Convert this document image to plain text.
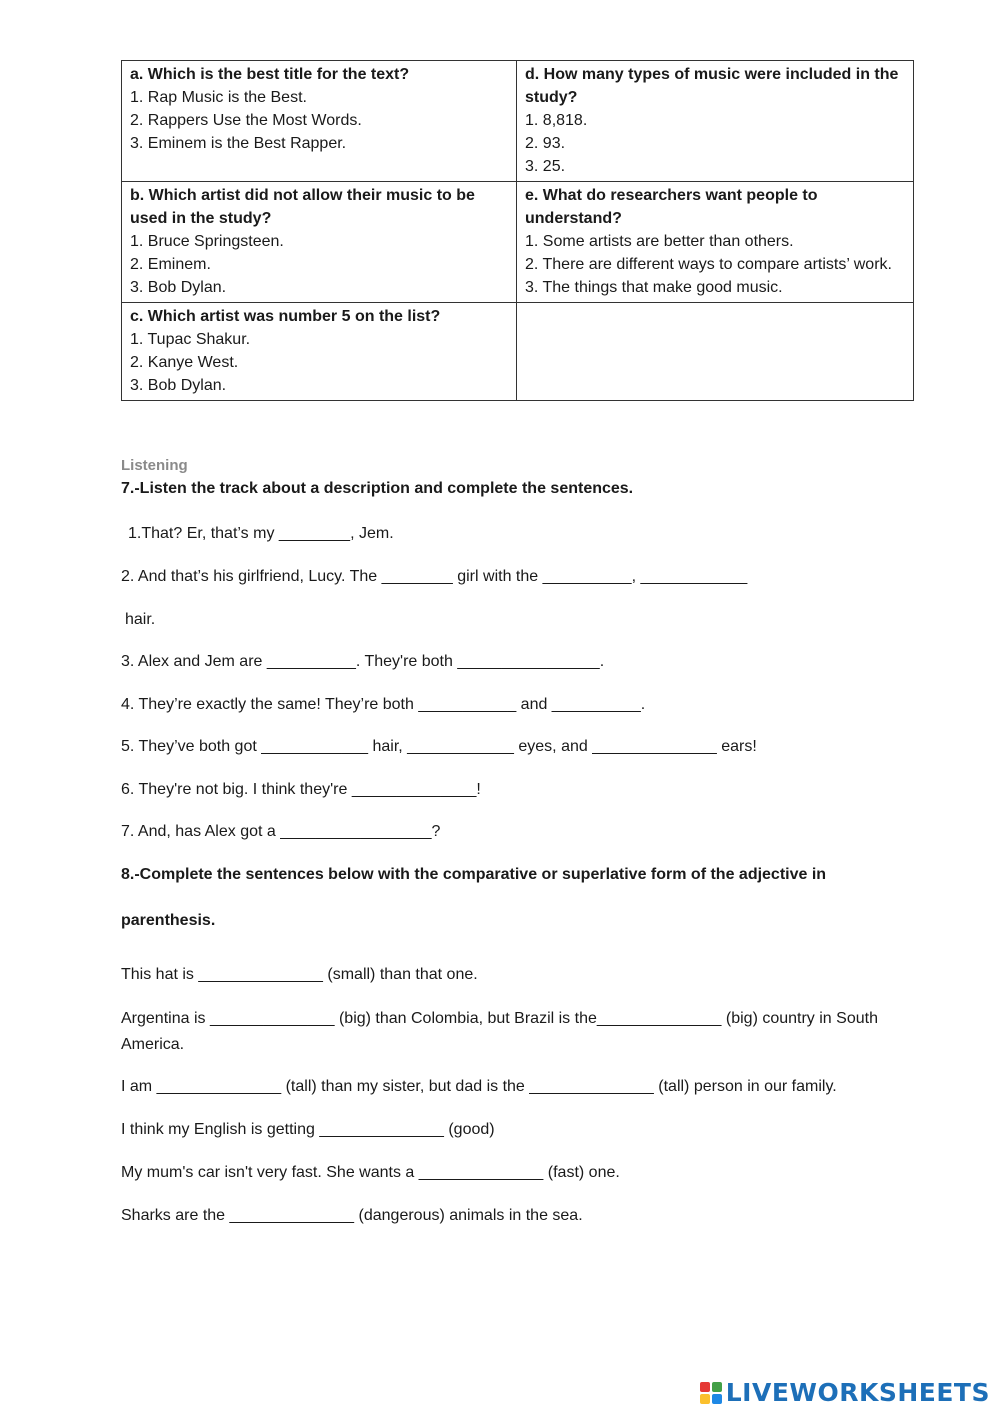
a. Which is the best title for the text?
1. Rap Music is the Best.
2. Rappers Use the Most Words.
3. Eminem is the Best Rapper.	d. How many types of music were included in the study?
1. 8,818.
2. 93.
3. 25.

b. Which artist did not allow their music to be used in the study?
1. Bruce Springsteen.
2. Eminem.
3. Bob Dylan.	e. What do researchers want people to understand?
1. Some artists are better than others.
2. There are different ways to compare artists’ work.
3. The things that make good music.

c. Which artist was number 5 on the list?
1. Tupac Shakur.
2. Kanye West.
3. Bob Dylan.	

Listening
7.-Listen the track about a description and complete the sentences.
1.That? Er, that’s my ________, Jem.
2. And that’s his girlfriend, Lucy. The ________ girl with the __________, ____________
hair.
3. Alex and Jem are __________. They're both ________________.
4. They’re exactly the same! They’re both ___________ and __________.
5. They’ve both got ____________ hair, ____________ eyes, and ______________ ears!
6. They're not big. I think they're ______________!
7. And, has Alex got a _________________?
8.-Complete the sentences below with the comparative or superlative form of the adjective in
parenthesis.
This hat is ______________ (small) than that one.
Argentina is ______________ (big) than Colombia, but Brazil is the______________ (big) country in South America.
I am ______________ (tall) than my sister, but dad is the ______________ (tall) person in our family.
I think my English is getting ______________ (good)
My mum's car isn't very fast. She wants a ______________ (fast) one.
Sharks are the ______________ (dangerous) animals in the sea.
LIVEWORKSHEETS
